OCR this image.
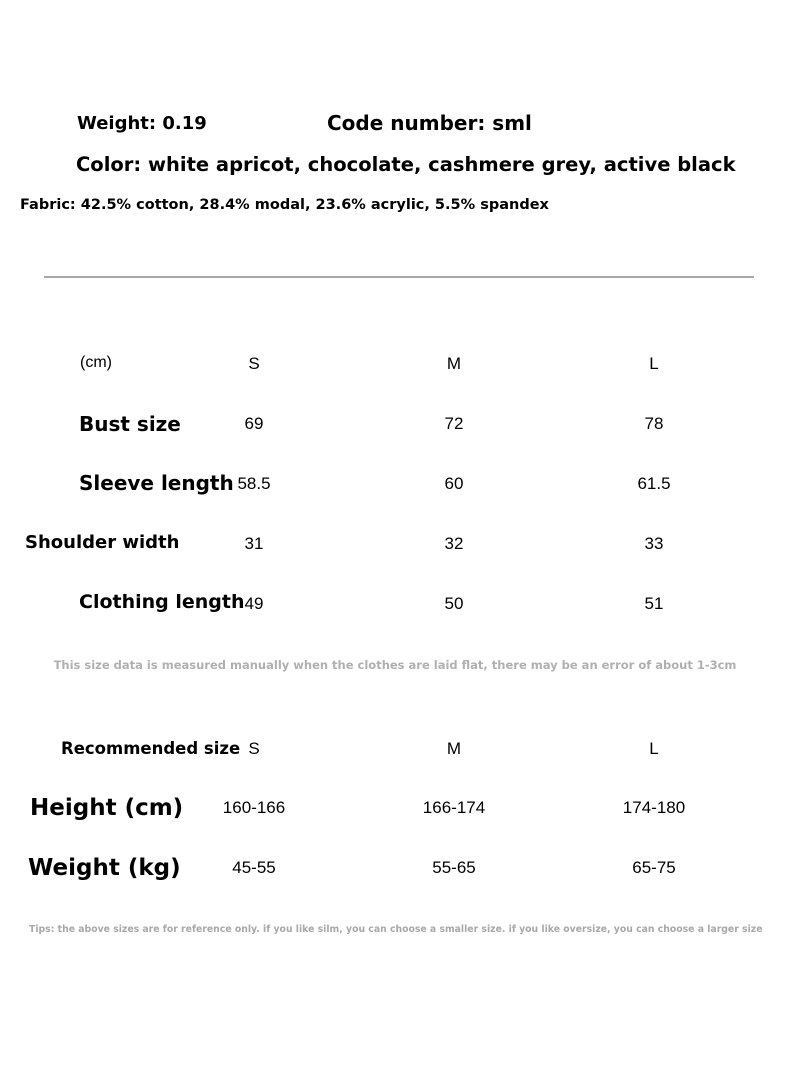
Weight: 0.19	Code number: sml
Color: white apricot, chocolate, cashmere grey, active black
Fabric: 42.5% cotton, 28.4% modal, 23.6% acrylic, 5.5% spandex
(cm)	S	M	L
Bust size	69	72	78
Sleeve length 58.5	60	61.5
Shoulder width	31	32	33
Clothing length 49	50	51
This size data is measured manually when the clothes are laid flat, there may be an error of about 1-3cm
Recommended size S	M	L
Height (cm)	160-166	166-174	174-180
Weight (kg)	45-55	55-65	65-75
Tips: the above sizes are for reference only. if you like silm, you can choose a smaller size. if you like oversize, you can choose a larger size
